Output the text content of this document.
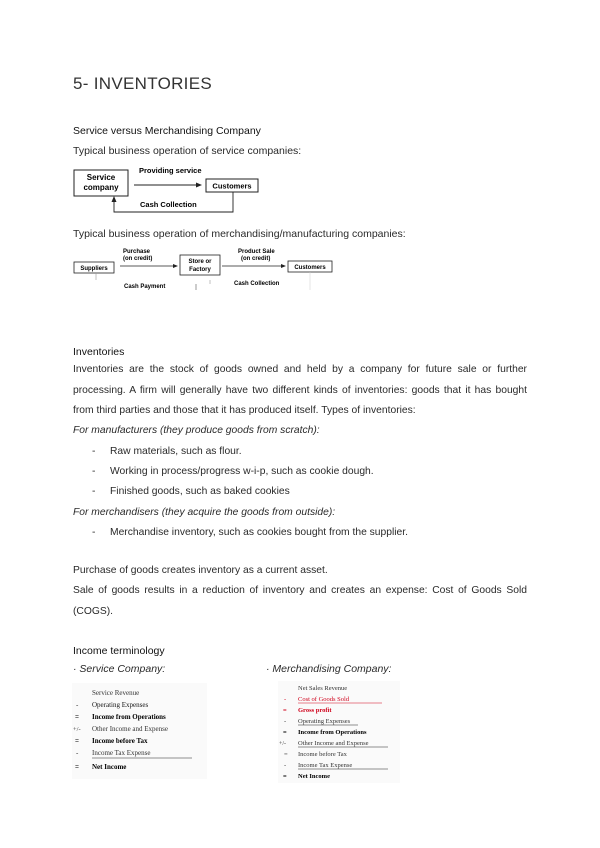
5- INVENTORIES
Service versus Merchandising Company
Typical business operation of service companies:
Service
company
Providing service
Customers
Cash Collection
Typical business operation of merchandising/manufacturing companies:
Suppliers
Purchase
(on credit)	Store or
Factory
Product Sale
(on credit)
Customers
Cash Payment	Cash Collection
Inventories
Inventories are the stock of goods owned and held by a company for future sale or further processing. A firm will generally have two different kinds of inventories: goods that it has bought from third parties and those that it has produced itself. Types of inventories:
For manufacturers (they produce goods from scratch):
- Raw materials, such as flour.
- Working in process/progress w-i-p, such as cookie dough.
- Finished goods, such as baked cookies
For merchandisers (they acquire the goods from outside):
- Merchandise inventory, such as cookies bought from the supplier.
Purchase of goods creates inventory as a current asset.
Sale of goods results in a reduction of inventory and creates an expense: Cost of Goods Sold (COGS).
Income terminology
· Service Company:	· Merchandising Company:
Service Revenue
- Operating Expenses
= Income from Operations
+/- Other Income and Expense
= Income before Tax
- Income Tax Expense
= Net Income
Net Sales Revenue
- Cost of Goods Sold
= Gross profit
- Operating Expenses
= Income from Operations
+/- Other Income and Expense
= Income before Tax
- Income Tax Expense
= Net Income
